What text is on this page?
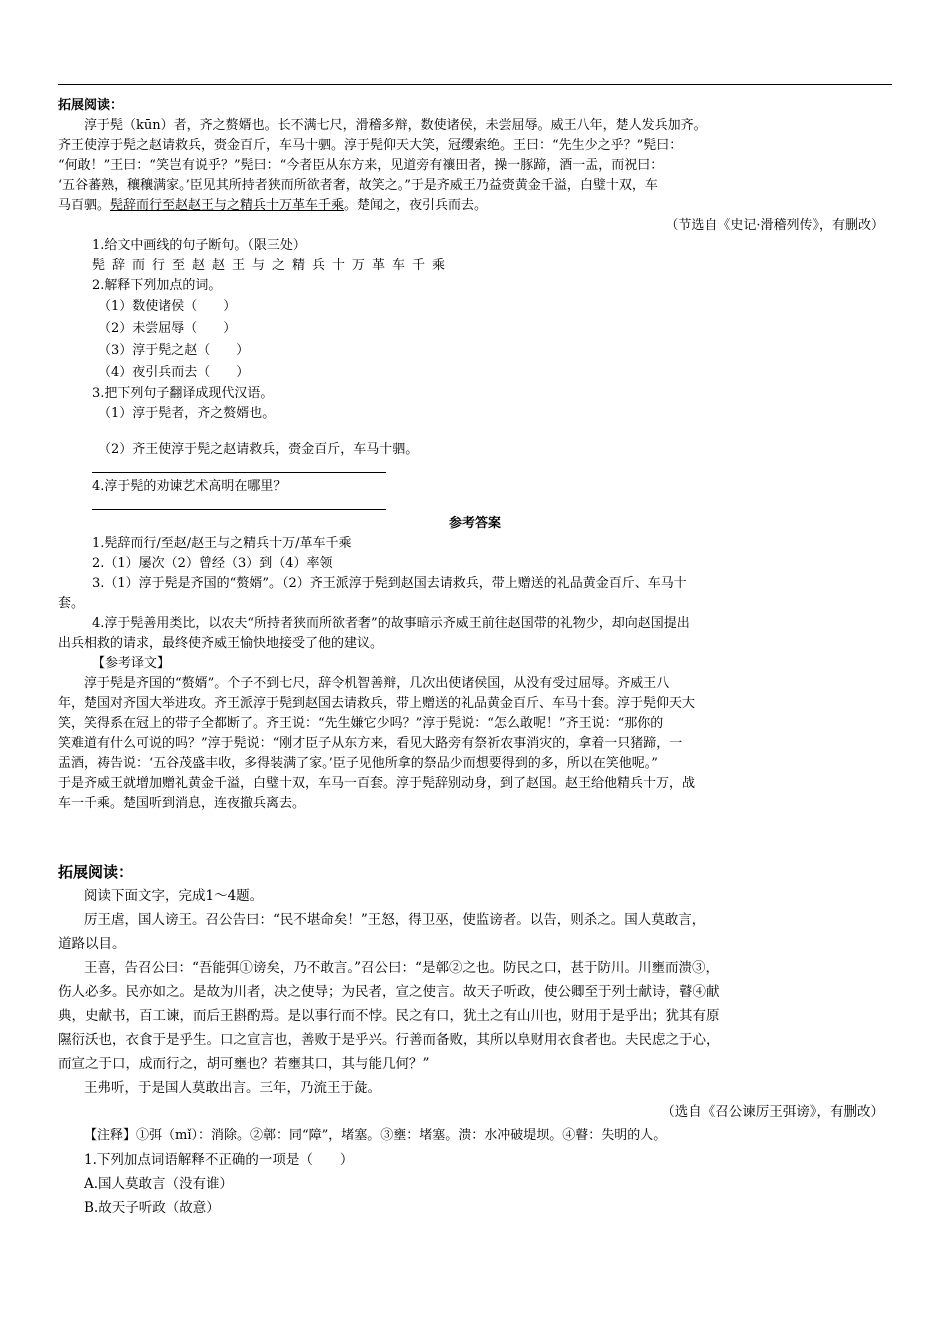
拓展阅读：

淳于髡（kūn）者，齐之赘婿也。长不满七尺，滑稽多辩，数使诸侯，未尝屈辱。威王八年，楚人发兵加齐。

齐王使淳于髡之赵请救兵，赍金百斤，车马十驷。淳于髡仰天大笑，冠缨索绝。王曰：“先生少之乎？”髡曰：

“何敢！”王曰：“笑岂有说乎？”髡曰：“今者臣从东方来，见道旁有禳田者，操一豚蹄，酒一盂，而祝曰：

‘五谷蕃熟，穰穰满家。’臣见其所持者狭而所欲者奢，故笑之。”于是齐威王乃益赍黄金千溢，白璧十双，车

马百驷。髡辞而行至赵赵王与之精兵十万革车千乘。楚闻之，夜引兵而去。

（节选自《史记·滑稽列传》，有删改）

1.给文中画线的句子断句。（限三处）

髡辞而行至赵赵王与之精兵十万革车千乘

2.解释下列加点的词。

（1）数使诸侯（　　）

（2）未尝屈辱（　　）

（3）淳于髡之赵（　　）

（4）夜引兵而去（　　）

3.把下列句子翻译成现代汉语。

（1）淳于髡者，齐之赘婿也。

（2）齐王使淳于髡之赵请救兵，赍金百斤，车马十驷。

4.淳于髡的劝谏艺术高明在哪里？

参考答案

1.髡辞而行/至赵/赵王与之精兵十万/革车千乘

2.（1）屡次（2）曾经（3）到（4）率领

3.（1）淳于髡是齐国的“赘婿”。（2）齐王派淳于髡到赵国去请救兵，带上赠送的礼品黄金百斤、车马十

套。

4.淳于髡善用类比，以农夫“所持者狭而所欲者奢”的故事暗示齐威王前往赵国带的礼物少，却向赵国提出

出兵相救的请求，最终使齐威王愉快地接受了他的建议。

【参考译文】

淳于髡是齐国的“赘婿”。个子不到七尺，辞令机智善辩，几次出使诸侯国，从没有受过屈辱。齐威王八

年，楚国对齐国大举进攻。齐王派淳于髡到赵国去请救兵，带上赠送的礼品黄金百斤、车马十套。淳于髡仰天大

笑，笑得系在冠上的带子全都断了。齐王说：“先生嫌它少吗？”淳于髡说：“怎么敢呢！”齐王说：“那你的

笑难道有什么可说的吗？”淳于髡说：“刚才臣子从东方来，看见大路旁有祭祈农事消灾的，拿着一只猪蹄，一

盂酒，祷告说：‘五谷茂盛丰收，多得装满了家。’臣子见他所拿的祭品少而想要得到的多，所以在笑他呢。”

于是齐威王就增加赠礼黄金千溢，白璧十双，车马一百套。淳于髡辞别动身，到了赵国。赵王给他精兵十万，战

车一千乘。楚国听到消息，连夜撤兵离去。

拓展阅读：

阅读下面文字，完成1～4题。

厉王虐，国人谤王。召公告曰：“民不堪命矣！”王怒，得卫巫，使监谤者。以告，则杀之。国人莫敢言，

道路以目。

王喜，告召公曰：“吾能弭①谤矣，乃不敢言。”召公曰：“是鄣②之也。防民之口，甚于防川。川壅而溃③，

伤人必多。民亦如之。是故为川者，决之使导；为民者，宣之使言。故天子听政，使公卿至于列士献诗，瞽④献

典，史献书，百工谏，而后王斟酌焉。是以事行而不悖。民之有口，犹土之有山川也，财用于是乎出；犹其有原

隰衍沃也，衣食于是乎生。口之宣言也，善败于是乎兴。行善而备败，其所以阜财用衣食者也。夫民虑之于心，

而宣之于口，成而行之，胡可壅也？若壅其口，其与能几何？”

王弗听，于是国人莫敢出言。三年，乃流王于彘。

（选自《召公谏厉王弭谤》，有删改）

【注释】①弭（mǐ）：消除。②鄣：同“障”，堵塞。③壅：堵塞。溃：水冲破堤坝。④瞽：失明的人。

1.下列加点词语解释不正确的一项是（　　）

A.国人莫敢言（没有谁）

B.故天子听政（故意）
